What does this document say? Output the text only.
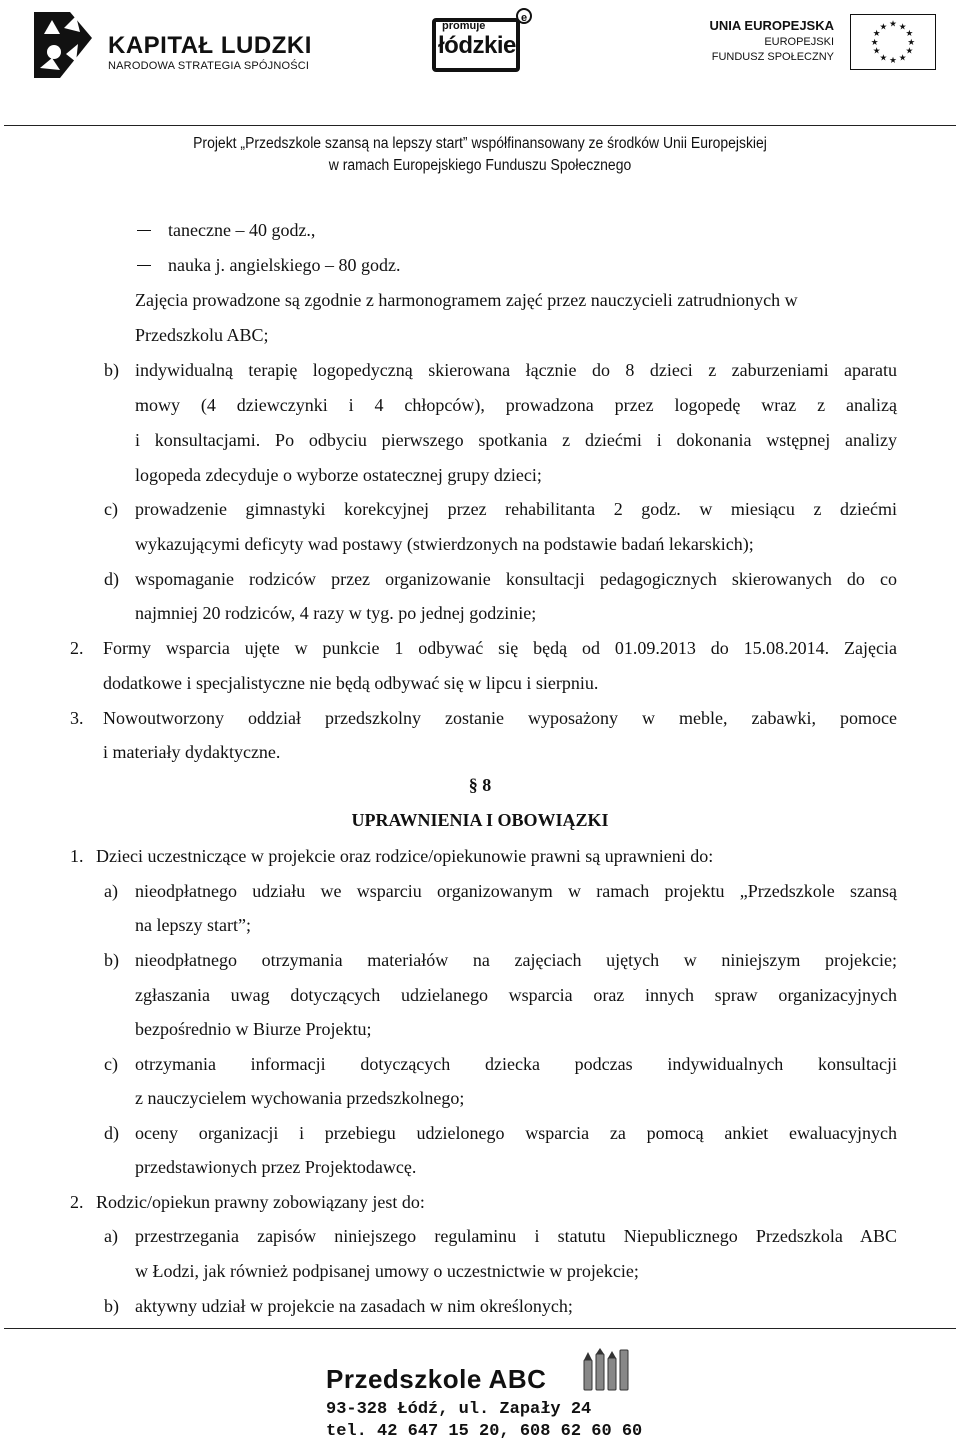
KAPITAŁ LUDZKI
NARODOWA STRATEGIA SPÓJNOŚCI
promuje
łódzkie
e	UNIA EUROPEJSKA
EUROPEJSKI
FUNDUSZ SPOŁECZNY
★ ★
★
★
★
★
★
★
★
★
★
★
Projekt „Przedszkole szansą na lepszy start” współfinansowany ze środków Unii Europejskiej
w ramach Europejskiego Funduszu Społecznego
taneczne – 40 godz.,
nauka j. angielskiego – 80 godz.
Zajęcia prowadzone są zgodnie z harmonogramem zajęć przez nauczycieli zatrudnionych w
Przedszkolu ABC;
b) indywidualną terapię logopedyczną skierowana łącznie do 8 dzieci z zaburzeniami aparatu
mowy (4 dziewczynki i 4 chłopców), prowadzona przez logopedę wraz z analizą
i konsultacjami. Po odbyciu pierwszego spotkania z dziećmi i dokonania wstępnej analizy
logopeda zdecyduje o wyborze ostatecznej grupy dzieci;
c) prowadzenie gimnastyki korekcyjnej przez rehabilitanta 2 godz. w miesiącu z dziećmi
wykazującymi deficyty wad postawy (stwierdzonych na podstawie badań lekarskich);
d) wspomaganie rodziców przez organizowanie konsultacji pedagogicznych skierowanych do co
najmniej 20 rodziców, 4 razy w tyg. po jednej godzinie;
2. Formy wsparcia ujęte w punkcie 1 odbywać się będą od 01.09.2013 do 15.08.2014. Zajęcia
dodatkowe i specjalistyczne nie będą odbywać się w lipcu i sierpniu.
3. Nowoutworzony oddział przedszkolny zostanie wyposażony w meble, zabawki, pomoce
i materiały dydaktyczne.
§ 8
UPRAWNIENIA I OBOWIĄZKI
1. Dzieci uczestniczące w projekcie oraz rodzice/opiekunowie prawni są uprawnieni do:
a) nieodpłatnego udziału we wsparciu organizowanym w ramach projektu „Przedszkole szansą
na lepszy start”;
b) nieodpłatnego otrzymania materiałów na zajęciach ujętych w niniejszym projekcie;
zgłaszania uwag dotyczących udzielanego wsparcia oraz innych spraw organizacyjnych
bezpośrednio w Biurze Projektu;
c) otrzymania informacji dotyczących dziecka podczas indywidualnych konsultacji
z nauczycielem wychowania przedszkolnego;
d) oceny organizacji i przebiegu udzielonego wsparcia za pomocą ankiet ewaluacyjnych
przedstawionych przez Projektodawcę.
2. Rodzic/opiekun prawny zobowiązany jest do:
a) przestrzegania zapisów niniejszego regulaminu i statutu Niepublicznego Przedszkola ABC
w Łodzi, jak również podpisanej umowy o uczestnictwie w projekcie;
b) aktywny udział w projekcie na zasadach w nim określonych;
Przedszkole ABC
93-328 Łódź, ul. Zapały 24
tel. 42 647 15 20, 608 62 60 60
